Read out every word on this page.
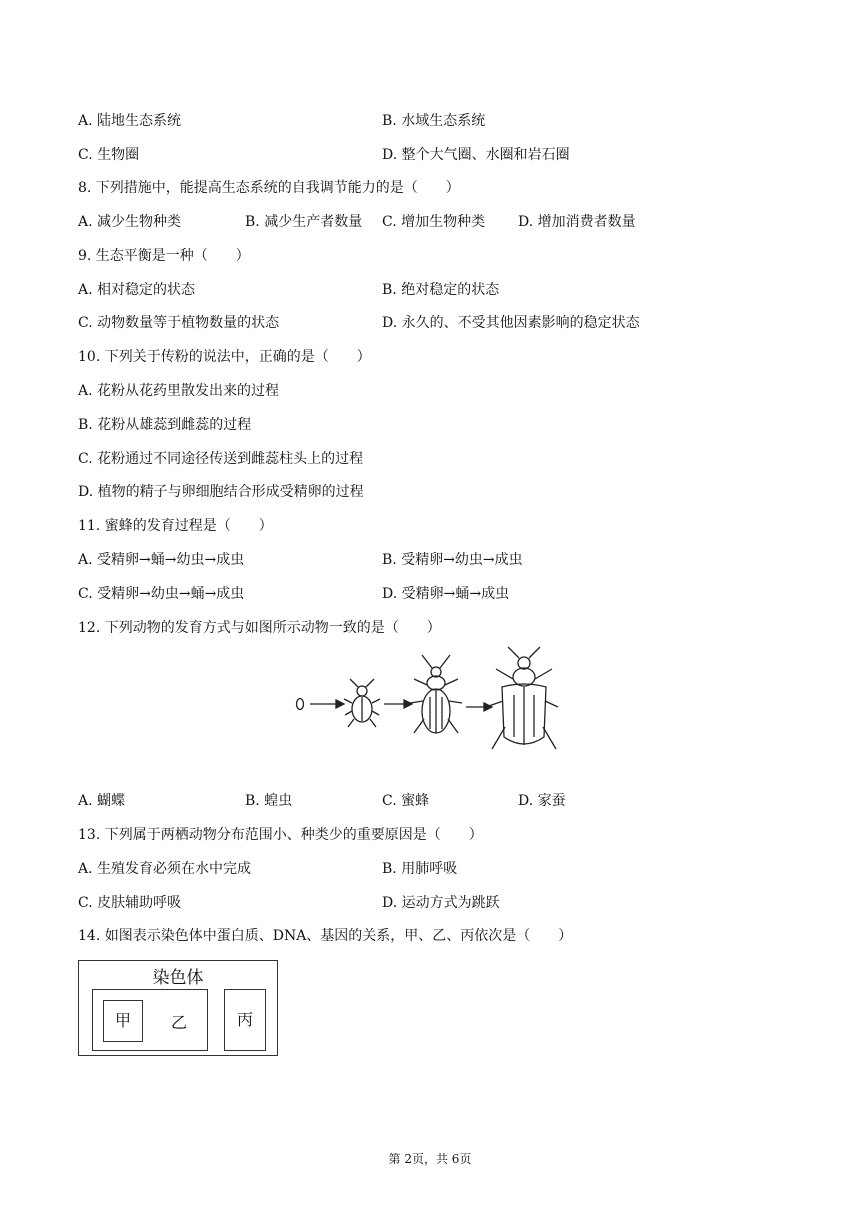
A. 陆地生态系统	B. 水域生态系统
C. 生物圈	D. 整个大气圈、水圈和岩石圈
8. 下列措施中，能提高生态系统的自我调节能力的是（　　）
A. 减少生物种类	B. 减少生产者数量 C. 增加生物种类 D. 增加消费者数量
9. 生态平衡是一种（　　）
A. 相对稳定的状态	B. 绝对稳定的状态
C. 动物数量等于植物数量的状态	D. 永久的、不受其他因素影响的稳定状态
10. 下列关于传粉的说法中，正确的是（　　）
A. 花粉从花药里散发出来的过程
B. 花粉从雄蕊到雌蕊的过程
C. 花粉通过不同途径传送到雌蕊柱头上的过程
D. 植物的精子与卵细胞结合形成受精卵的过程
11. 蜜蜂的发育过程是（　　）
A. 受精卵→蛹→幼虫→成虫	B. 受精卵→幼虫→成虫
C. 受精卵→幼虫→蛹→成虫	D. 受精卵→蛹→成虫
12. 下列动物的发育方式与如图所示动物一致的是（　　）
A. 蝴蝶	B. 蝗虫	C. 蜜蜂	D. 家蚕
13. 下列属于两栖动物分布范围小、种类少的重要原因是（　　）
A. 生殖发育必须在水中完成	B. 用肺呼吸
C. 皮肤辅助呼吸	D. 运动方式为跳跃
14. 如图表示染色体中蛋白质、DNA、基因的关系，甲、乙、丙依次是（　　）
染色体
甲	乙	丙
第 2页，共 6页
